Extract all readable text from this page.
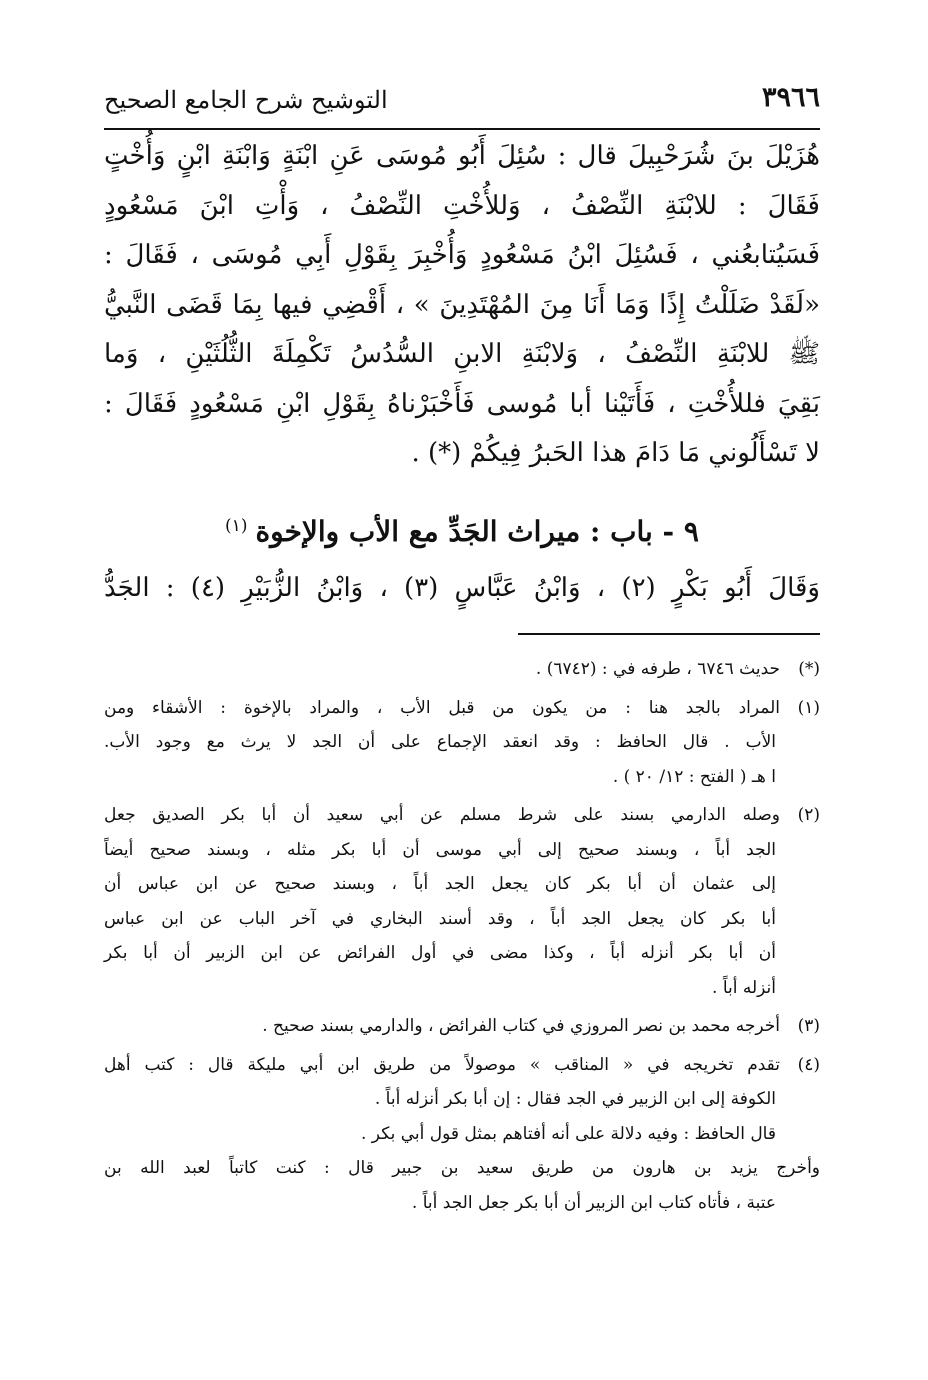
٣٩٦٦
التوشيح شرح الجامع الصحيح
هُزَيْلَ بنَ شُرَحْبِيلَ قال : سُئِلَ أَبُو مُوسَى عَنِ ابْنَةٍ وَابْنَةِ ابْنٍ وَأُخْتٍ
فَقَالَ : للابْنَةِ النِّصْفُ ، وَللأُخْتِ النِّصْفُ ، وَأْتِ ابْنَ مَسْعُودٍ
فَسَيُتابعُني ، فَسُئِلَ ابْنُ مَسْعُودٍ وَأُخْبِرَ بِقَوْلِ أَبِي مُوسَى ، فَقَالَ :
«لَقَدْ ضَلَلْتُ إِذًا وَمَا أَنَا مِنَ المُهْتَدِينَ » ، أَقْضِي فيها بِمَا قَضَى النَّبيُّ
ﷺ للابْنَةِ النِّصْفُ ، وَلابْنَةِ الابنِ السُّدُسُ تَكْمِلَةَ الثُّلُثَيْنِ ، وَما
بَقِيَ فللأُخْتِ ، فَأَتَيْنا أبا مُوسى فَأَخْبَرْناهُ بِقَوْلِ ابْنِ مَسْعُودٍ فَقَالَ :
لا تَسْأَلُوني مَا دَامَ هذا الحَبرُ فِيكُمْ (*) .
٩ - باب : ميراث الجَدِّ مع الأب والإخوة$^{(١)}$
وَقَالَ أَبُو بَكْرٍ (٢) ، وَابْنُ عَبَّاسٍ (٣) ، وَابْنُ الزُّبَيْرِ (٤) : الجَدُّ
(*)حديث ٦٧٤٦ ، طرفه في : (٦٧٤٢) .
(١)المراد بالجد هنا : من يكون من قبل الأب ، والمراد بالإخوة : الأشقاء ومن
الأب . قال الحافظ : وقد انعقد الإجماع على أن الجد لا يرث مع وجود الأب.
ا هـ ( الفتح : ١٢/ ٢٠ ) .
(٢)وصله الدارمي بسند على شرط مسلم عن أبي سعيد أن أبا بكر الصديق جعل
الجد أباً ، وبسند صحيح إلى أبي موسى أن أبا بكر مثله ، وبسند صحيح أيضاً
إلى عثمان أن أبا بكر كان يجعل الجد أباً ، وبسند صحيح عن ابن عباس أن
أبا بكر كان يجعل الجد أباً ، وقد أسند البخاري في آخر الباب عن ابن عباس
أن أبا بكر أنزله أباً ، وكذا مضى في أول الفرائض عن ابن الزبير أن أبا بكر
أنزله أباً .
(٣)أخرجه محمد بن نصر المروزي في كتاب الفرائض ، والدارمي بسند صحيح .
(٤)تقدم تخريجه في « المناقب » موصولاً من طريق ابن أبي مليكة قال : كتب أهل
الكوفة إلى ابن الزبير في الجد فقال : إن أبا بكر أنزله أباً .
قال الحافظ : وفيه دلالة على أنه أفتاهم بمثل قول أبي بكر .
وأخرج يزيد بن هارون من طريق سعيد بن جبير قال : كنت كاتباً لعبد الله بن
عتبة ، فأتاه كتاب ابن الزبير أن أبا بكر جعل الجد أباً .
